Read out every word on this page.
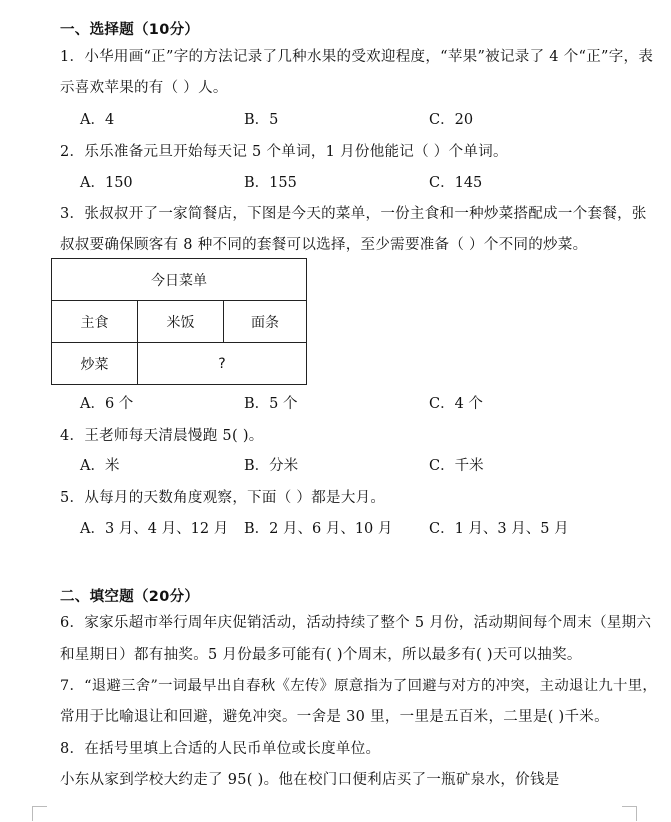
一、选择题（10分）
1．小华用画“正”字的方法记录了几种水果的受欢迎程度，“苹果”被记录了 4 个“正”字，表
示喜欢苹果的有（ ）人。
A．4	B．5	C．20
2．乐乐准备元旦开始每天记 5 个单词，1 月份他能记（ ）个单词。
A．150	B．155	C．145
3．张叔叔开了一家简餐店，下图是今天的菜单，一份主食和一种炒菜搭配成一个套餐，张
叔叔要确保顾客有 8 种不同的套餐可以选择，至少需要准备（ ）个不同的炒菜。
今日菜单		
主食	米饭	面条
炒菜	?	
A．6 个	B．5 个	C．4 个
4．王老师每天清晨慢跑 5( )。
A．米	B．分米	C．千米
5．从每月的天数角度观察，下面（ ）都是大月。
A．3 月、4 月、12 月 B．2 月、6 月、10 月	C．1 月、3 月、5 月
二、填空题（20分）
6．家家乐超市举行周年庆促销活动，活动持续了整个 5 月份，活动期间每个周末（星期六
和星期日）都有抽奖。5 月份最多可能有( )个周末，所以最多有( )天可以抽奖。
7．“退避三舍”一词最早出自春秋《左传》原意指为了回避与对方的冲突，主动退让九十里，
常用于比喻退让和回避，避免冲突。一舍是 30 里，一里是五百米，二里是( )千米。
8．在括号里填上合适的人民币单位或长度单位。
小东从家到学校大约走了 95( )。他在校门口便利店买了一瓶矿泉水，价钱是
